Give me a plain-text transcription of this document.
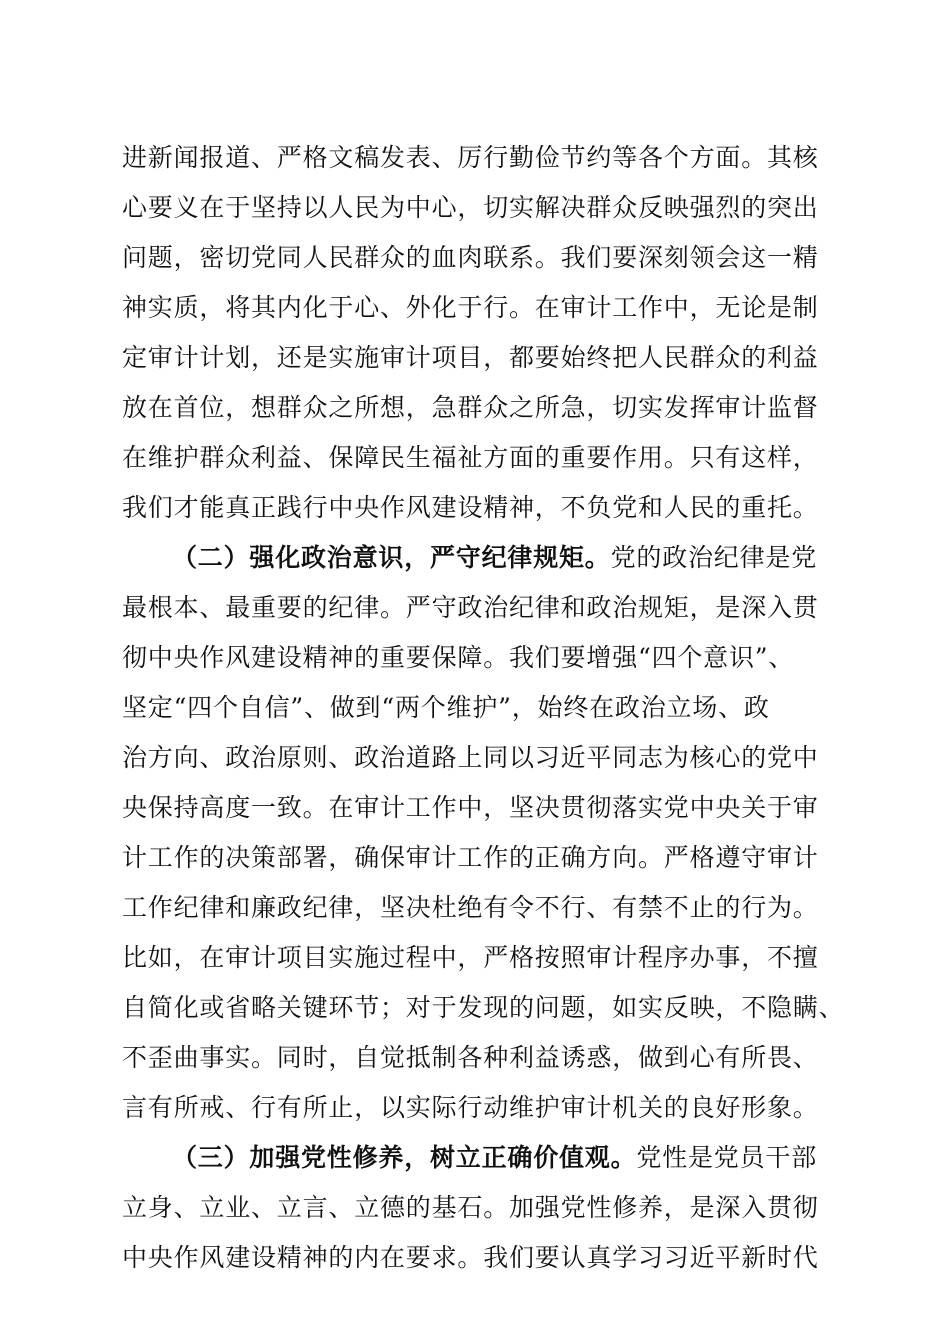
进新闻报道、严格文稿发表、厉行勤俭节约等各个方面。其核
心要义在于坚持以人民为中心，切实解决群众反映强烈的突出
问题，密切党同人民群众的血肉联系。我们要深刻领会这一精
神实质，将其内化于心、外化于行。在审计工作中，无论是制
定审计计划，还是实施审计项目，都要始终把人民群众的利益
放在首位，想群众之所想，急群众之所急，切实发挥审计监督
在维护群众利益、保障民生福祉方面的重要作用。只有这样，
我们才能真正践行中央作风建设精神，不负党和人民的重托。
（二）强化政治意识，严守纪律规矩。党的政治纪律是党
最根本、最重要的纪律。严守政治纪律和政治规矩，是深入贯
彻中央作风建设精神的重要保障。我们要增强“四个意识”、
坚定“四个自信”、做到“两个维护”，始终在政治立场、政
治方向、政治原则、政治道路上同以习近平同志为核心的党中
央保持高度一致。在审计工作中，坚决贯彻落实党中央关于审
计工作的决策部署，确保审计工作的正确方向。严格遵守审计
工作纪律和廉政纪律，坚决杜绝有令不行、有禁不止的行为。
比如，在审计项目实施过程中，严格按照审计程序办事，不擅
自简化或省略关键环节；对于发现的问题，如实反映，不隐瞒、
不歪曲事实。同时，自觉抵制各种利益诱惑，做到心有所畏、
言有所戒、行有所止，以实际行动维护审计机关的良好形象。
（三）加强党性修养，树立正确价值观。党性是党员干部
立身、立业、立言、立德的基石。加强党性修养，是深入贯彻
中央作风建设精神的内在要求。我们要认真学习习近平新时代
